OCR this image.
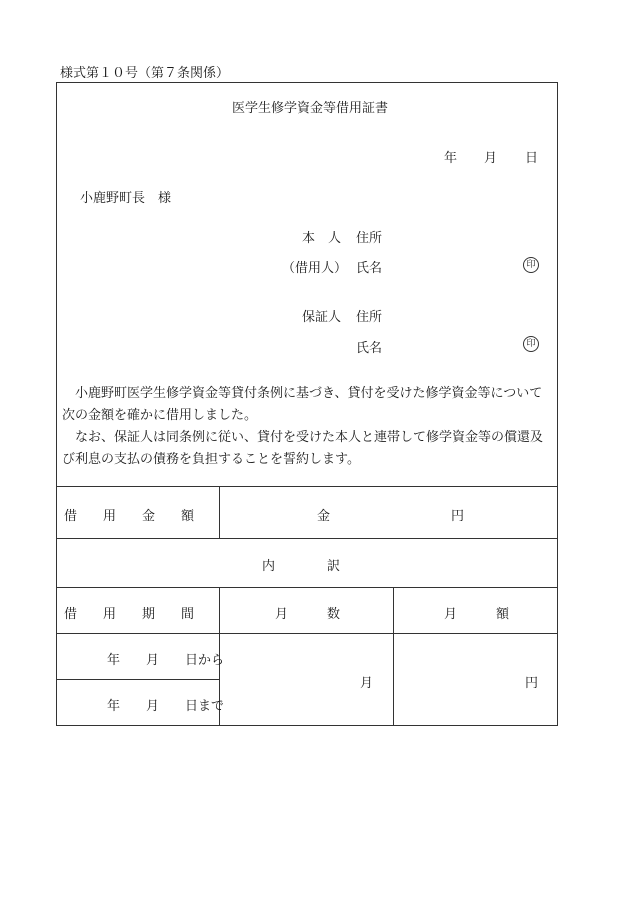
様式第１０号（第７条関係）
医学生修学資金等借用証書
年 月 日
小鹿野町長　様
本　人 住所
（借用人） 氏名	印
保証人 住所
氏名	印

小鹿野町医学生修学資金等貸付条例に基づき、貸付を受けた修学資金等について次の金額を確かに借用しました。

なお、保証人は同条例に従い、貸付を受けた本人と連帯して修学資金等の償還及び利息の支払の債務を負担することを誓約します。

借　　用　　金　　額	金	円
内　　　　訳
借　　用　　期　　間	月　　　数	月　　　額
年　　月　　日から
年　　月　　日まで
月	円
